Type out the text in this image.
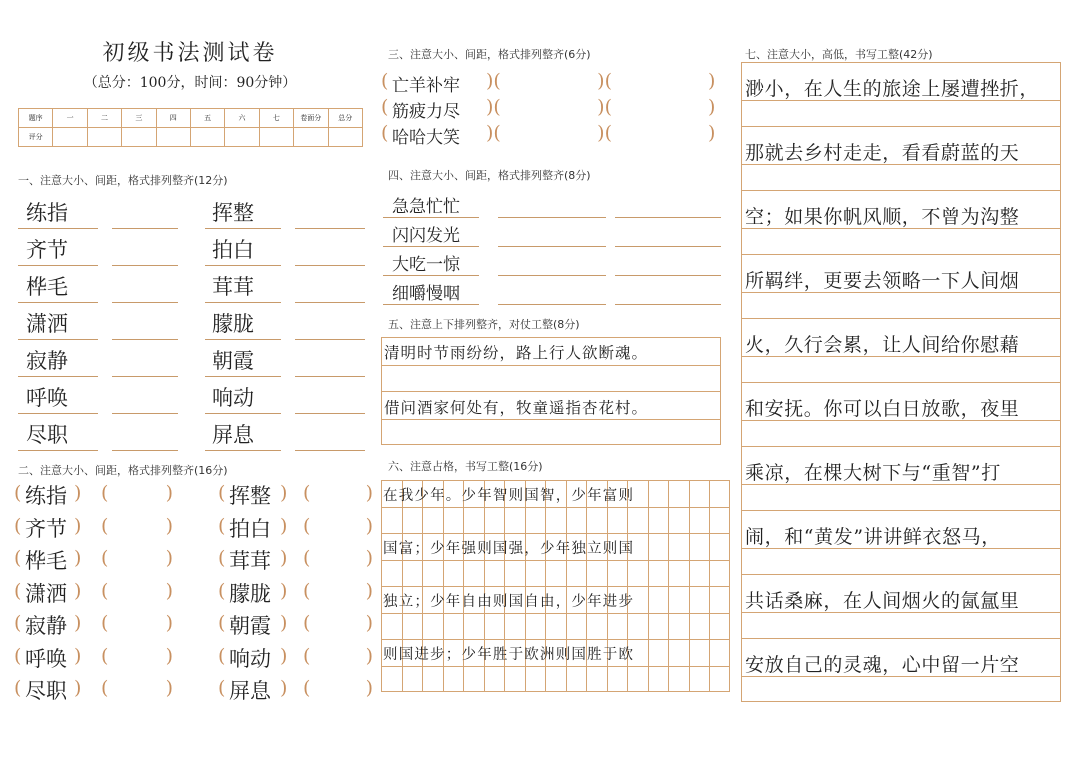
初级书法测试卷
（总分：100分，时间：90分钟）
题序	一	二	三	四	五	六	七	卷面分	总分
评分									
一、注意大小、间距，格式排列整齐(12分)
练指	挥整
齐节	拍白
桦毛	茸茸
潇洒	朦胧
寂静	朝霞
呼唤	响动
尽职	屏息
二、注意大小、间距，格式排列整齐(16分)
( 练指 ) (	) ( 挥整 ) (	)
( 齐节 ) (	) ( 拍白 ) (	)
( 桦毛 ) (	) ( 茸茸 ) (	)
( 潇洒 ) (	) ( 朦胧 ) (	)
( 寂静 ) (	) ( 朝霞 ) (	)
( 呼唤 ) (	) ( 响动 ) (	)
( 尽职 ) (	) ( 屏息 ) (	)
三、注意大小、间距，格式排列整齐(6分)
( 亡羊补牢 )(	)(	)
( 筋疲力尽 )(	)(	)
( 哈哈大笑 )(	)(	)
四、注意大小、间距，格式排列整齐(8分)
急急忙忙
闪闪发光
大吃一惊
细嚼慢咽
五、注意上下排列整齐，对仗工整(8分)
清明时节雨纷纷，路上行人欲断魂。
借问酒家何处有，牧童遥指杏花村。
六、注意占格，书写工整(16分)
在我少年。少年智则国智，少年富则
国富；少年强则国强，少年独立则国
独立；少年自由则国自由，少年进步
则国进步；少年胜于欧洲则国胜于欧
七、注意大小，高低，书写工整(42分)
渺小，在人生的旅途上屡遭挫折，
那就去乡村走走，看看蔚蓝的天
空；如果你帆风顺，不曾为沟整
所羁绊，更要去领略一下人间烟
火，久行会累，让人间给你慰藉
和安抚。你可以白日放歌，夜里
乘凉，在棵大树下与“重智”打
闹，和“黄发”讲讲鲜衣怒马，
共话桑麻，在人间烟火的氤氲里
安放自己的灵魂，心中留一片空
